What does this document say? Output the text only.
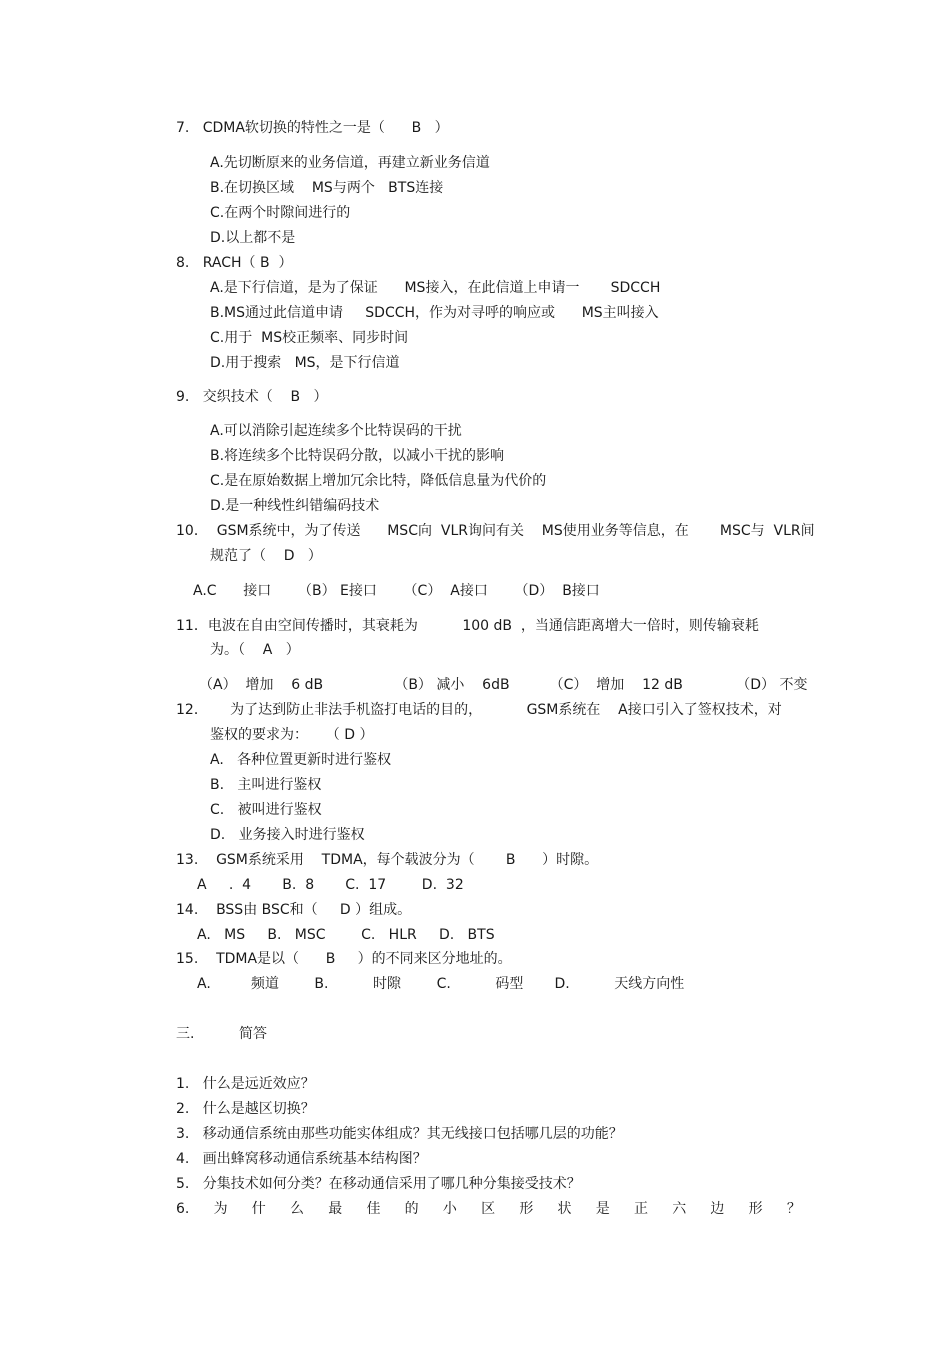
7.   CDMA软切换的特性之一是（      B   ）
A.先切断原来的业务信道，再建立新业务信道
B.在切换区域    MS与两个   BTS连接
C.在两个时隙间进行的
D.以上都不是
8.   RACH（ B  ）
A.是下行信道，是为了保证      MS接入，在此信道上申请一       SDCCH
B.MS通过此信道申请     SDCCH，作为对寻呼的响应或      MS主叫接入
C.用于  MS校正频率、同步时间
D.用于搜索   MS，是下行信道
9.   交织技术（    B   ）
A.可以消除引起连续多个比特误码的干扰
B.将连续多个比特误码分散，以减小干扰的影响
C.是在原始数据上增加冗余比特，降低信息量为代价的
D.是一种线性纠错编码技术
10．  GSM系统中，为了传送      MSC向  VLR询问有关    MS使用业务等信息，在       MSC与  VLR间
规范了（    D   ）
A.C      接口      （B） E接口      （C）  A接口      （D）  B接口
11．电波在自由空间传播时，其衰耗为          100 dB  ，当通信距离增大一倍时，则传输衰耗
为。（    A   ）
（A）  增加    6 dB                （B） 减小    6dB         （C）  增加    12 dB            （D） 不变
12．     为了达到防止非法手机盗打电话的目的，          GSM系统在    A接口引入了签权技术，对
鉴权的要求为：    （ D ）
A.   各种位置更新时进行鉴权
B.   主叫进行鉴权
C.   被叫进行鉴权
D.   业务接入时进行鉴权
13.    GSM系统采用    TDMA，每个载波分为（       B      ）时隙。
A     .  4       B.  8       C.  17        D.  32
14.    BSS由 BSC和（     D ）组成。
A.   MS     B.   MSC        C.   HLR     D.   BTS
15.    TDMA是以（      B     ）的不同来区分地址的。
A.         频道        B.          时隙        C.          码型       D.          天线方向性
三.          简答
1.   什么是远近效应？
2.   什么是越区切换？
3.   移动通信系统由那些功能实体组成？其无线接口包括哪几层的功能？
4.   画出蜂窝移动通信系统基本结构图？
5.   分集技术如何分类？在移动通信采用了哪几种分集接受技术？
6. 为 什 么 最 佳 的 小 区 形 状 是 正 六 边 形 ？
